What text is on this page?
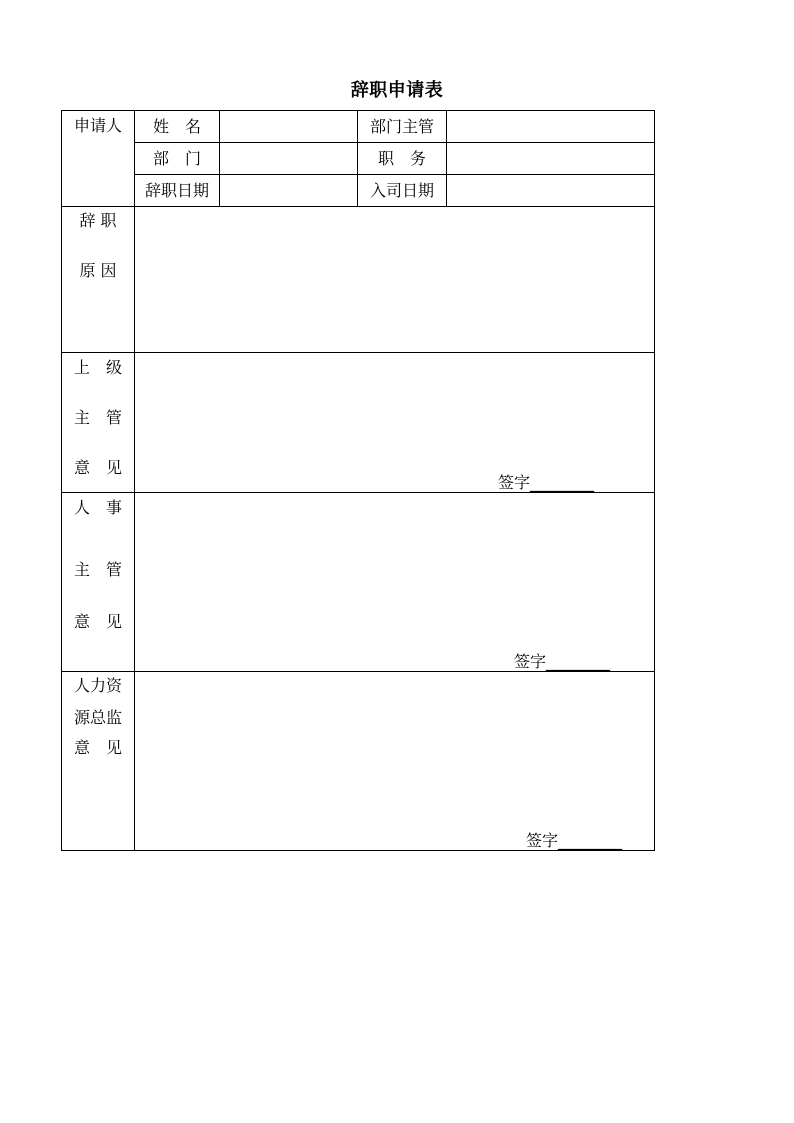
辞职申请表
申请人	姓　名		部门主管	
	部　门		职　务	
	辞职日期		入司日期	

辞 职
原 因				

上　级
主　管
意　见	签字________			

人　事
主　管
意　见	签字________			

人力资
源总监
意　见	签字________			
